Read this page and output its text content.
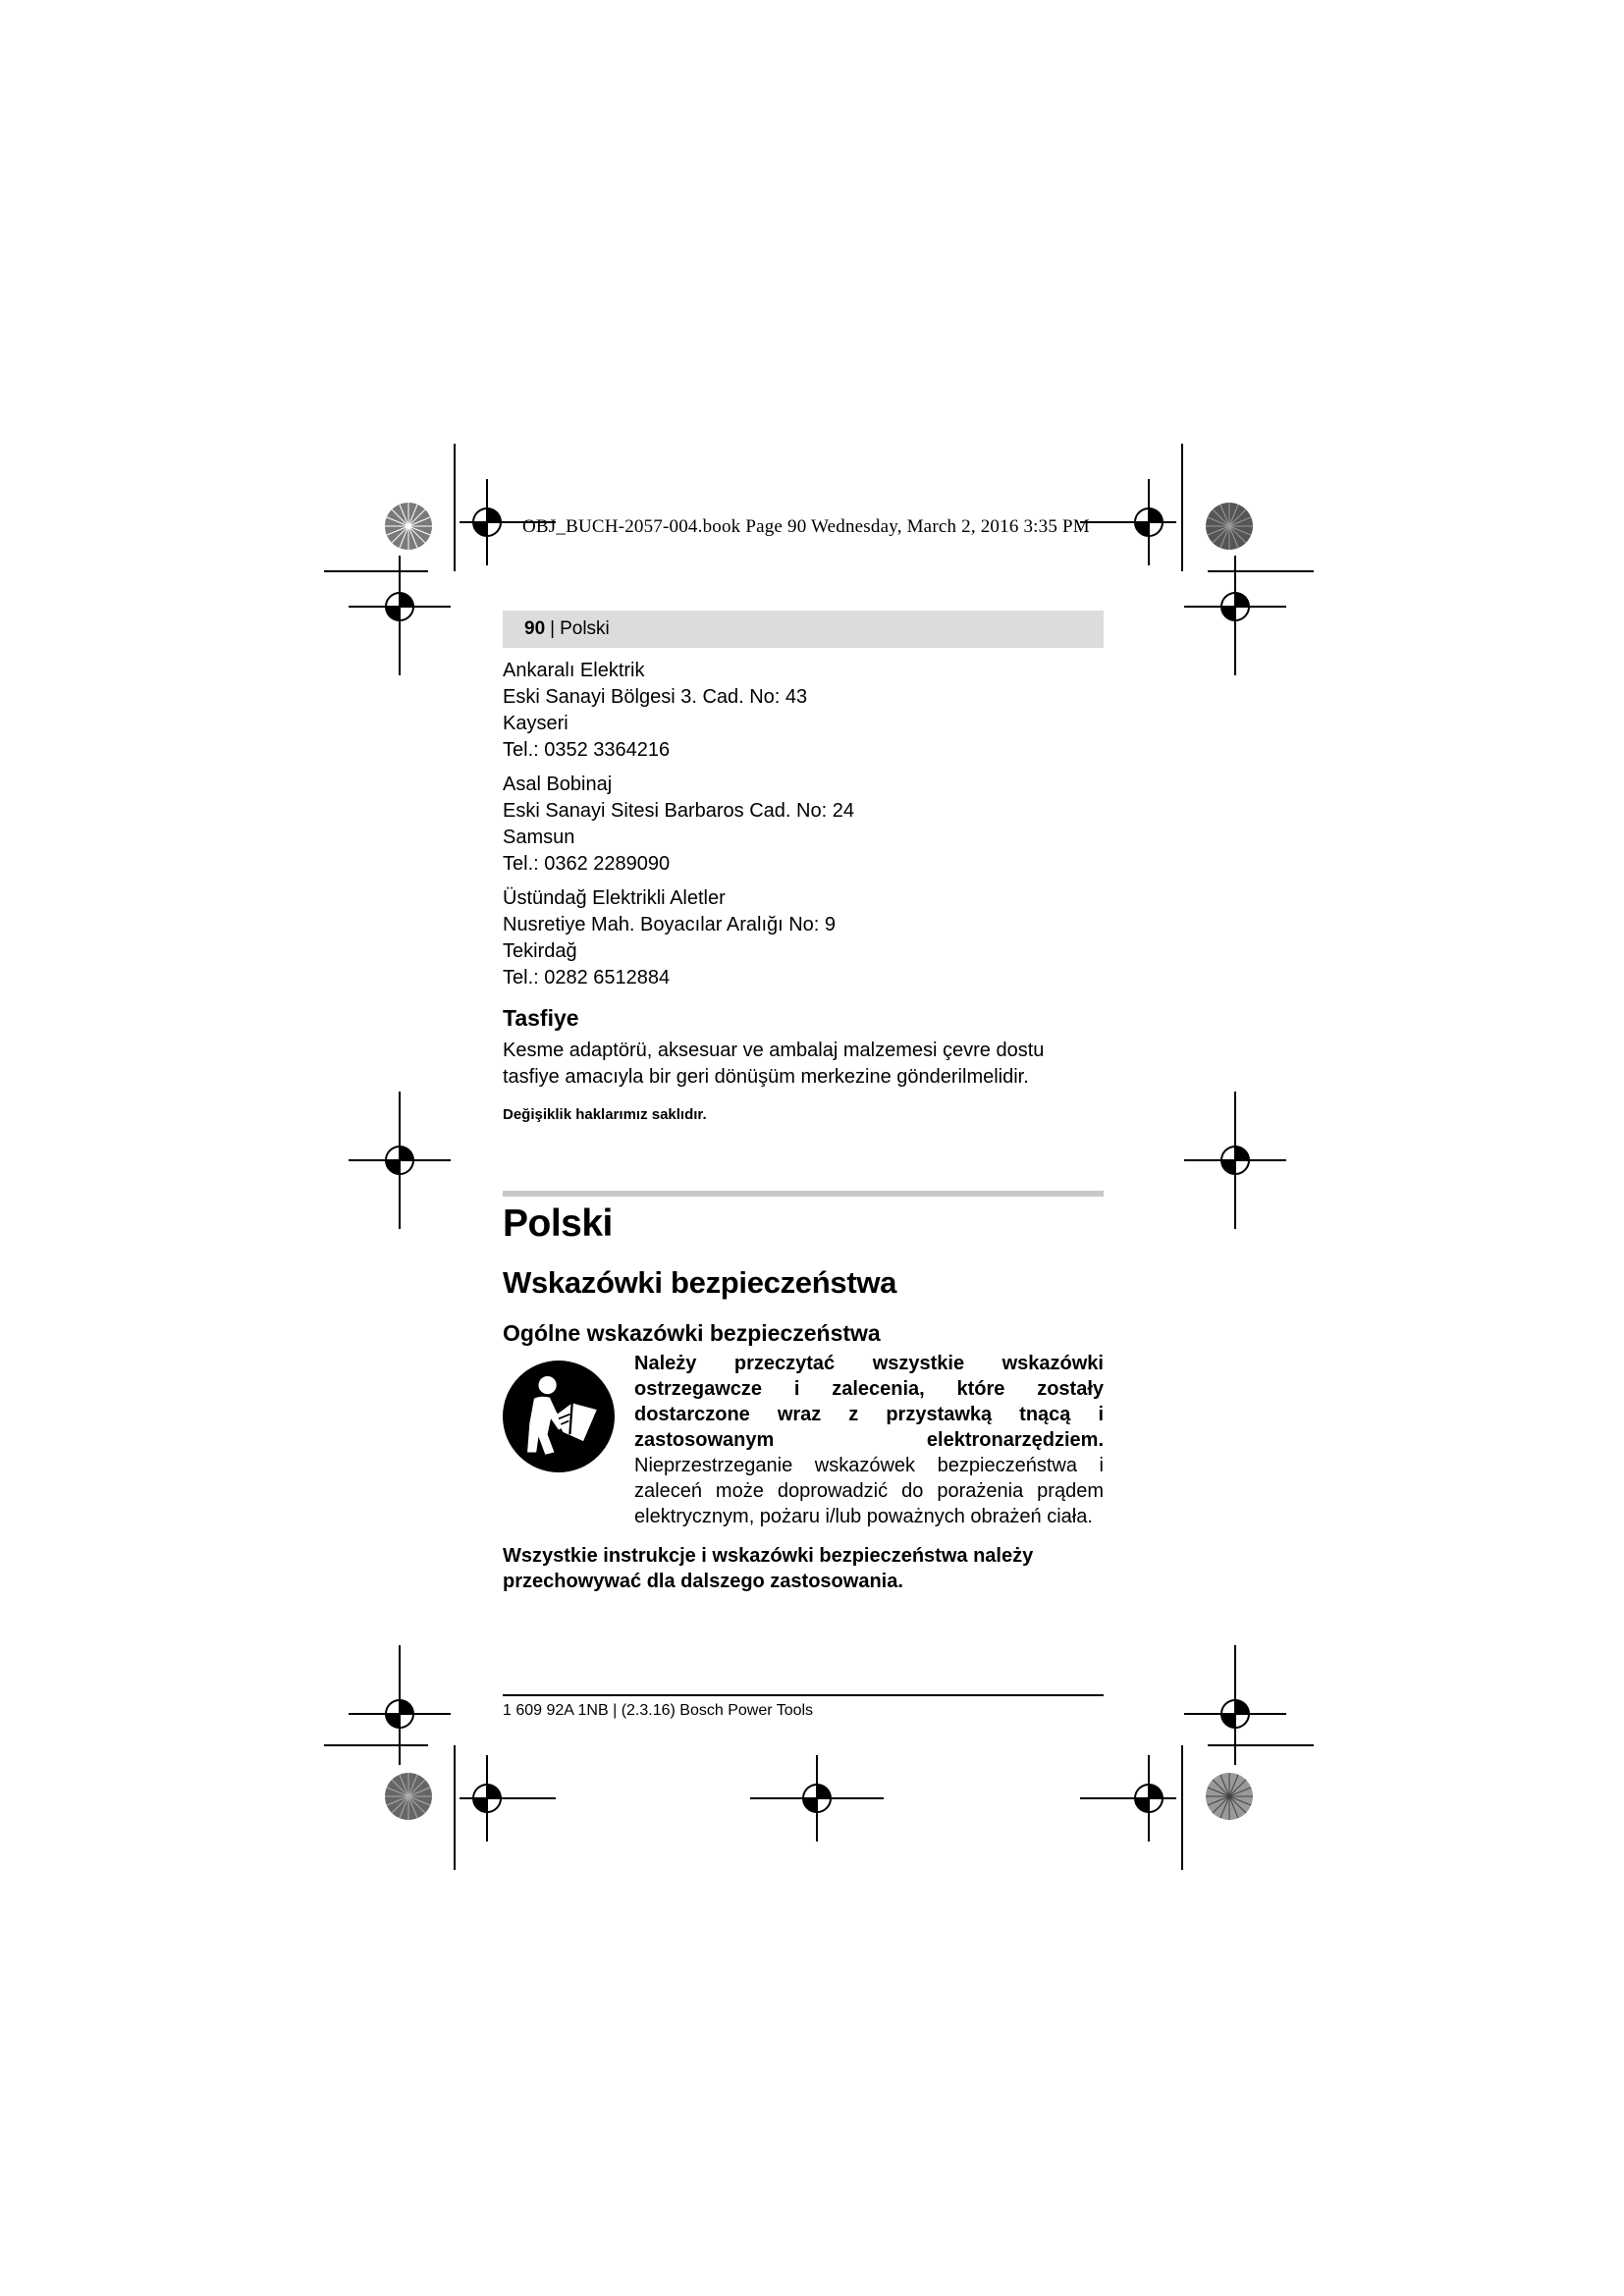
OBJ_BUCH-2057-004.book Page 90 Wednesday, March 2, 2016 3:35 PM
90 | Polski
Ankaralı Elektrik
Eski Sanayi Bölgesi 3. Cad. No: 43
Kayseri
Tel.: 0352 3364216
Asal Bobinaj
Eski Sanayi Sitesi Barbaros Cad. No: 24
Samsun
Tel.: 0362 2289090
Üstündağ Elektrikli Aletler
Nusretiye Mah. Boyacılar Aralığı No: 9
Tekirdağ
Tel.: 0282 6512884
Tasfiye

Kesme adaptörü, aksesuar ve ambalaj malzemesi çevre dostu tasfiye amacıyla bir geri dönüşüm merkezine gönderilmelidir.

Değişiklik haklarımız saklıdır.

Polski
Wskazówki bezpieczeństwa
Ogólne wskazówki bezpieczeństwa
Należy przeczytać wszystkie wskazówki ostrzegawcze i zalecenia, które zostały dostarczone wraz z przystawką tnącą i zastosowanym elektronarzędziem. Nieprzestrzeganie wskazówek bezpieczeństwa i zaleceń może doprowadzić do porażenia prądem elektrycznym, pożaru i/lub poważnych obrażeń ciała.

Wszystkie instrukcje i wskazówki bezpieczeństwa należy przechowywać dla dalszego zastosowania.

1 609 92A 1NB | (2.3.16) Bosch Power Tools
